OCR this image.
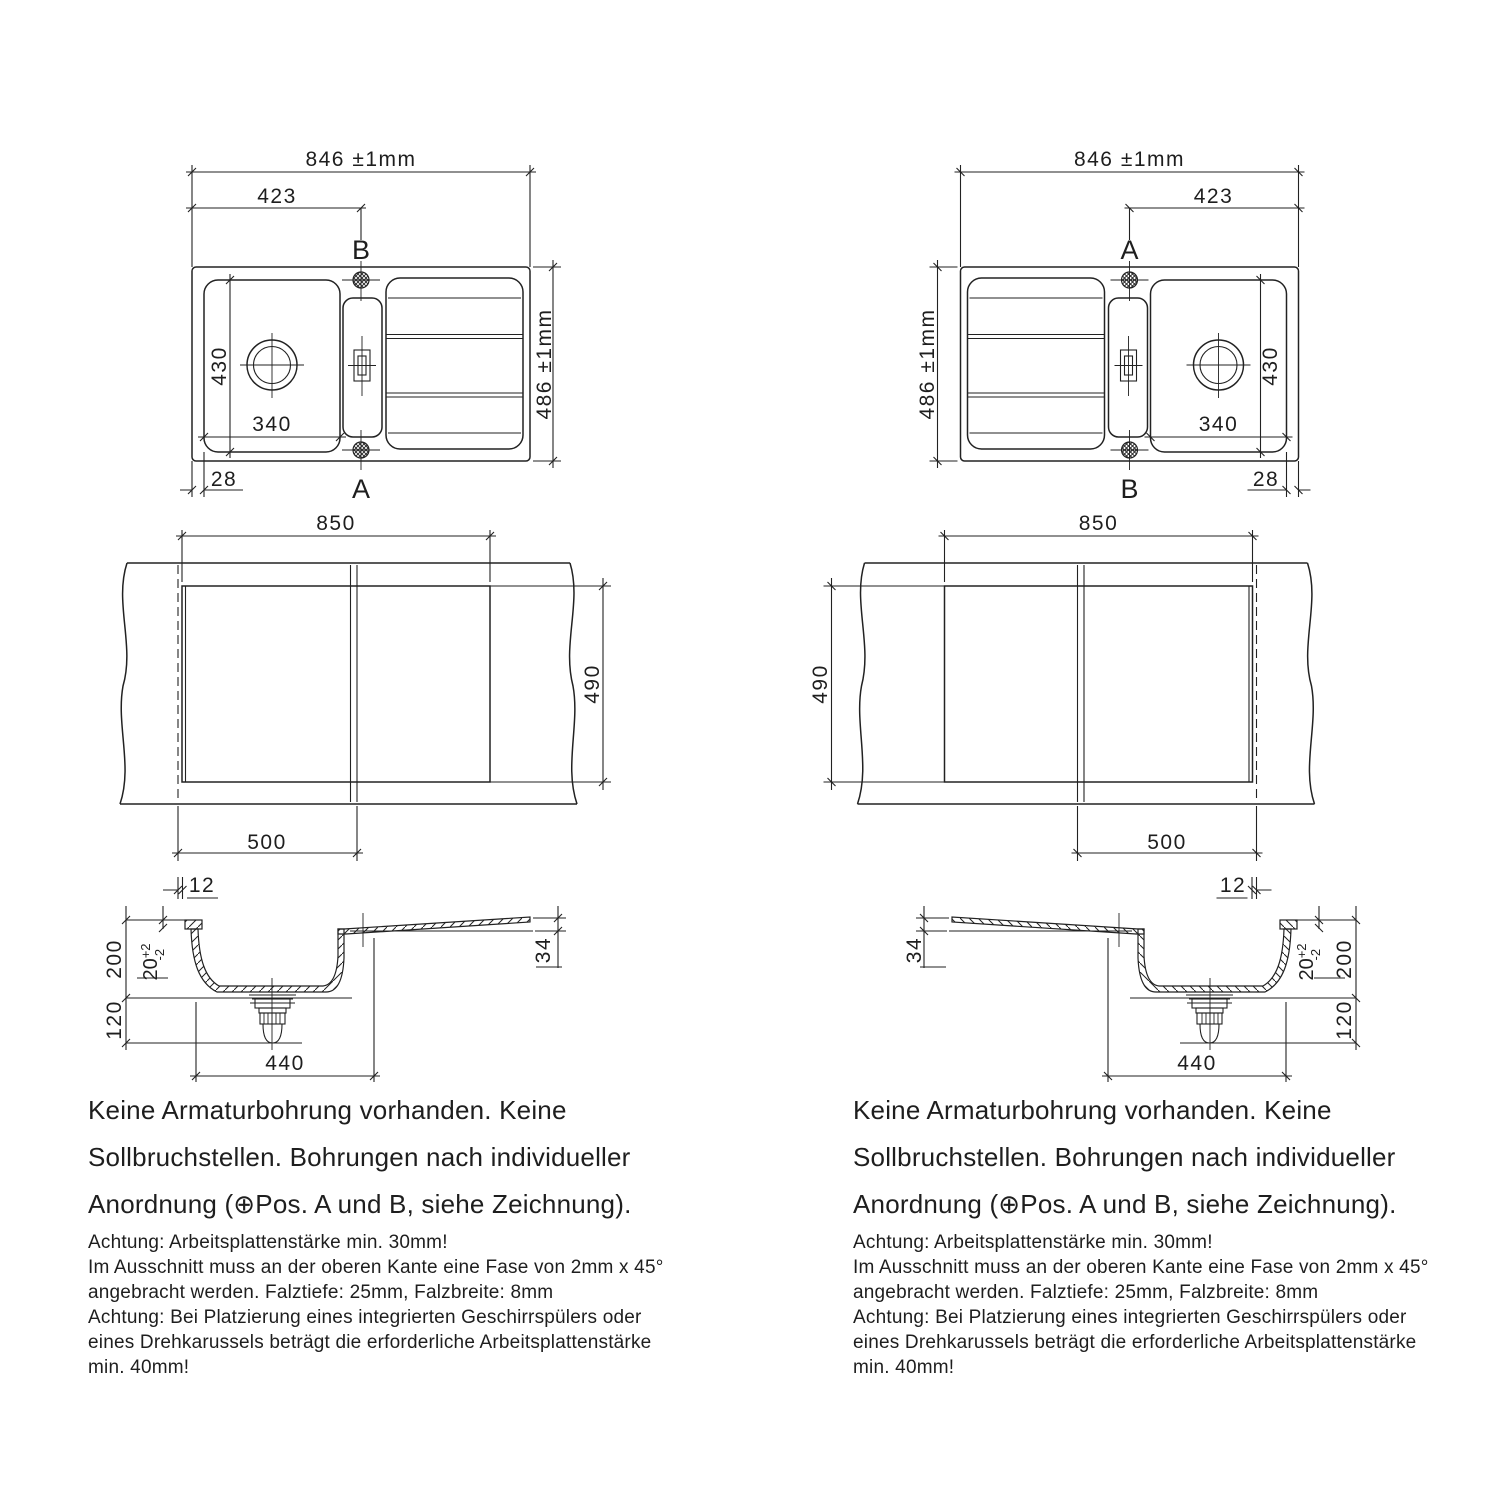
846 ±1mm
423
B
A
430
340
486 ±1mm
28
850
490
500
12
200
120
$20^{+2}-2$	34
440
Keine Armaturbohrung vorhanden. Keine
Sollbruchstellen. Bohrungen nach individueller
Anordnung (⊕Pos. A und B, siehe Zeichnung).
Achtung: Arbeitsplattenstärke min. 30mm!
Im Ausschnitt muss an der oberen Kante eine Fase von 2mm x 45°
angebracht werden. Falztiefe: 25mm, Falzbreite: 8mm
Achtung: Bei Platzierung eines integrierten Geschirrspülers oder
eines Drehkarussels beträgt die erforderliche Arbeitsplattenstärke
min. 40mm!
846 ±1mm
423
A
B
430
340
486 ±1mm
28
850
490
500
12
200
120
$20^{+2}-2$
34
440
Keine Armaturbohrung vorhanden. Keine
Sollbruchstellen. Bohrungen nach individueller
Anordnung (⊕Pos. A und B, siehe Zeichnung).
Achtung: Arbeitsplattenstärke min. 30mm!
Im Ausschnitt muss an der oberen Kante eine Fase von 2mm x 45°
angebracht werden. Falztiefe: 25mm, Falzbreite: 8mm
Achtung: Bei Platzierung eines integrierten Geschirrspülers oder
eines Drehkarussels beträgt die erforderliche Arbeitsplattenstärke
min. 40mm!
